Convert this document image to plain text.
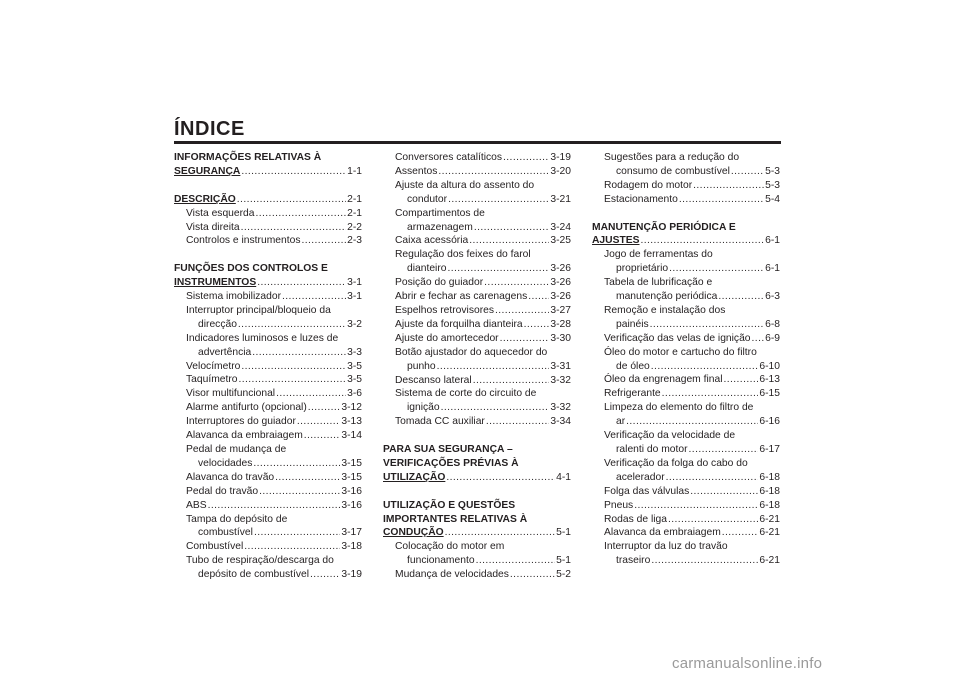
ÍNDICE
INFORMAÇÕES RELATIVAS À
SEGURANÇA .....	1-1
DESCRIÇÃO .....	2-1
Vista esquerda .....	2-1
Vista direita .....	2-2
Controlos e instrumentos .....	2-3
FUNÇÕES DOS CONTROLOS E
INSTRUMENTOS .....	3-1
Sistema imobilizador .....	3-1
Interruptor principal/bloqueio da
direcção .....	3-2
Indicadores luminosos e luzes de
advertência .....	3-3
Velocímetro .....	3-5
Taquímetro .....	3-5
Visor multifuncional .....	3-6
Alarme antifurto (opcional) .....	3-12
Interruptores do guiador .....	3-13
Alavanca da embraiagem .....	3-14
Pedal de mudança de
velocidades .....	3-15
Alavanca do travão .....	3-15
Pedal do travão .....	3-16
ABS .....	3-16
Tampa do depósito de
combustível .....	3-17
Combustível .....	3-18
Tubo de respiração/descarga do
depósito de combustível .....	3-19
Conversores catalíticos .....	3-19
Assentos .....	3-20
Ajuste da altura do assento do
condutor .....	3-21
Compartimentos de
armazenagem .....	3-24
Caixa acessória .....	3-25
Regulação dos feixes do farol
dianteiro .....	3-26
Posição do guiador .....	3-26
Abrir e fechar as carenagens ..... 3-26
Espelhos retrovisores .....	3-27
Ajuste da forquilha dianteira .....	3-28
Ajuste do amortecedor .....	3-30
Botão ajustador do aquecedor do
punho .....	3-31
Descanso lateral .....	3-32
Sistema de corte do circuito de
ignição .....	3-32
Tomada CC auxiliar .....	3-34
PARA SUA SEGURANÇA –
VERIFICAÇÕES PRÉVIAS À
UTILIZAÇÃO .....	4-1
UTILIZAÇÃO E QUESTÕES
IMPORTANTES RELATIVAS À
CONDUÇÃO .....	5-1
Colocação do motor em
funcionamento .....	5-1
Mudança de velocidades .....	5-2
Sugestões para a redução do
consumo de combustível .....	5-3
Rodagem do motor .....	5-3
Estacionamento .....	5-4
MANUTENÇÃO PERIÓDICA E
AJUSTES .....	6-1
Jogo de ferramentas do
proprietário .....	6-1
Tabela de lubrificação e
manutenção periódica .....	6-3
Remoção e instalação dos
painéis .....	6-8
Verificação das velas de ignição ..... 6-9
Óleo do motor e cartucho do filtro
de óleo .....	6-10
Óleo da engrenagem final .....	6-13
Refrigerante .....	6-15
Limpeza do elemento do filtro de
ar .....	6-16
Verificação da velocidade de
ralenti do motor .....	6-17
Verificação da folga do cabo do
acelerador .....	6-18
Folga das válvulas .....	6-18
Pneus .....	6-18
Rodas de liga .....	6-21
Alavanca da embraiagem .....	6-21
Interruptor da luz do travão
traseiro .....	6-21
carmanualsonline.info
